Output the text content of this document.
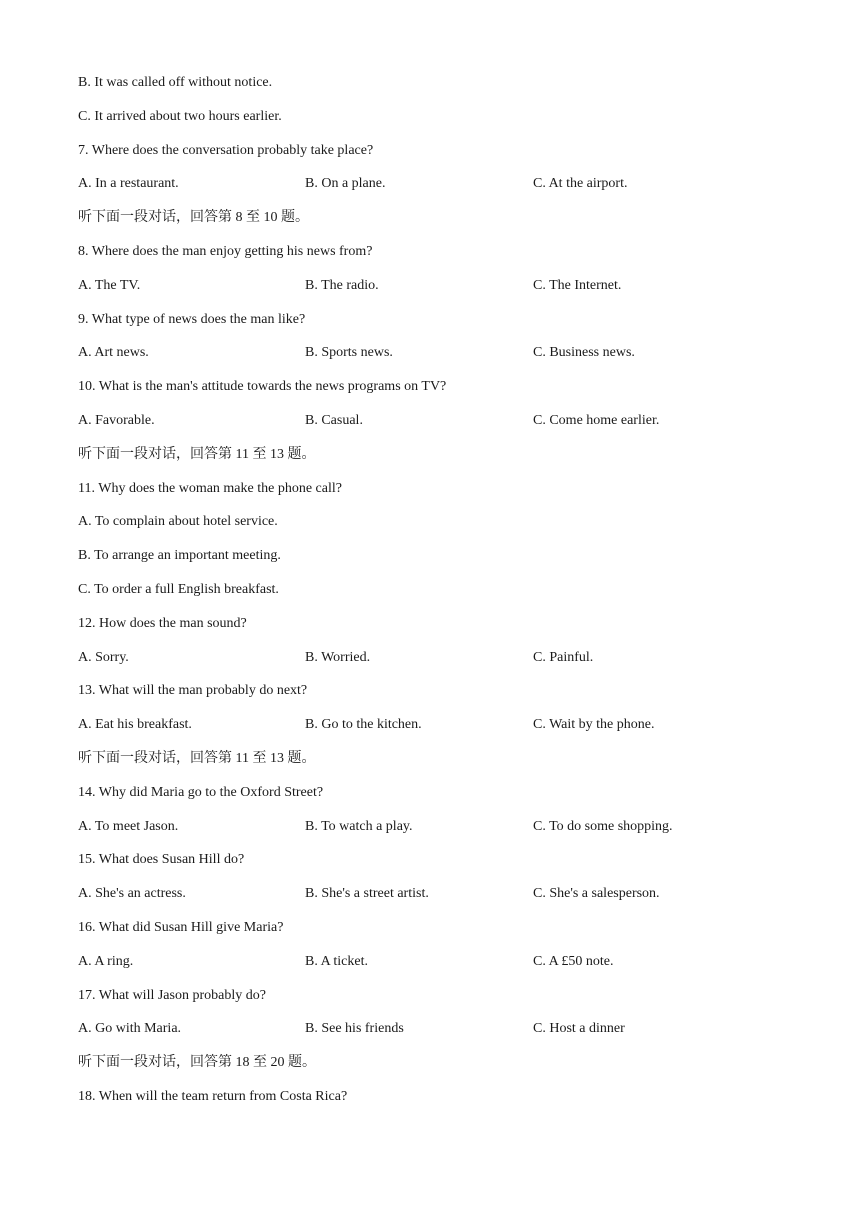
B. It was called off without notice.
C. It arrived about two hours earlier.
7. Where does the conversation probably take place?
A. In a restaurant.	B. On a plane.	C. At the airport.
听下面一段对话，回答第 8 至 10 题。
8. Where does the man enjoy getting his news from?
A. The TV.	B. The radio.	C. The Internet.
9. What type of news does the man like?
A. Art news.	B. Sports news.	C. Business news.
10. What is the man's attitude towards the news programs on TV?
A. Favorable.	B. Casual.	C. Come home earlier.
听下面一段对话，回答第 11 至 13 题。
11. Why does the woman make the phone call?
A. To complain about hotel service.
B. To arrange an important meeting.
C. To order a full English breakfast.
12. How does the man sound?
A. Sorry.	B. Worried.	C. Painful.
13. What will the man probably do next?
A. Eat his breakfast.	B. Go to the kitchen.	C. Wait by the phone.
听下面一段对话，回答第 11 至 13 题。
14. Why did Maria go to the Oxford Street?
A. To meet Jason.	B. To watch a play.	C. To do some shopping.
15. What does Susan Hill do?
A. She's an actress.	B. She's a street artist.	C. She's a salesperson.
16. What did Susan Hill give Maria?
A. A ring.	B. A ticket.	C. A £50 note.
17. What will Jason probably do?
A. Go with Maria.	B. See his friends	C. Host a dinner
听下面一段对话，回答第 18 至 20 题。
18. When will the team return from Costa Rica?
